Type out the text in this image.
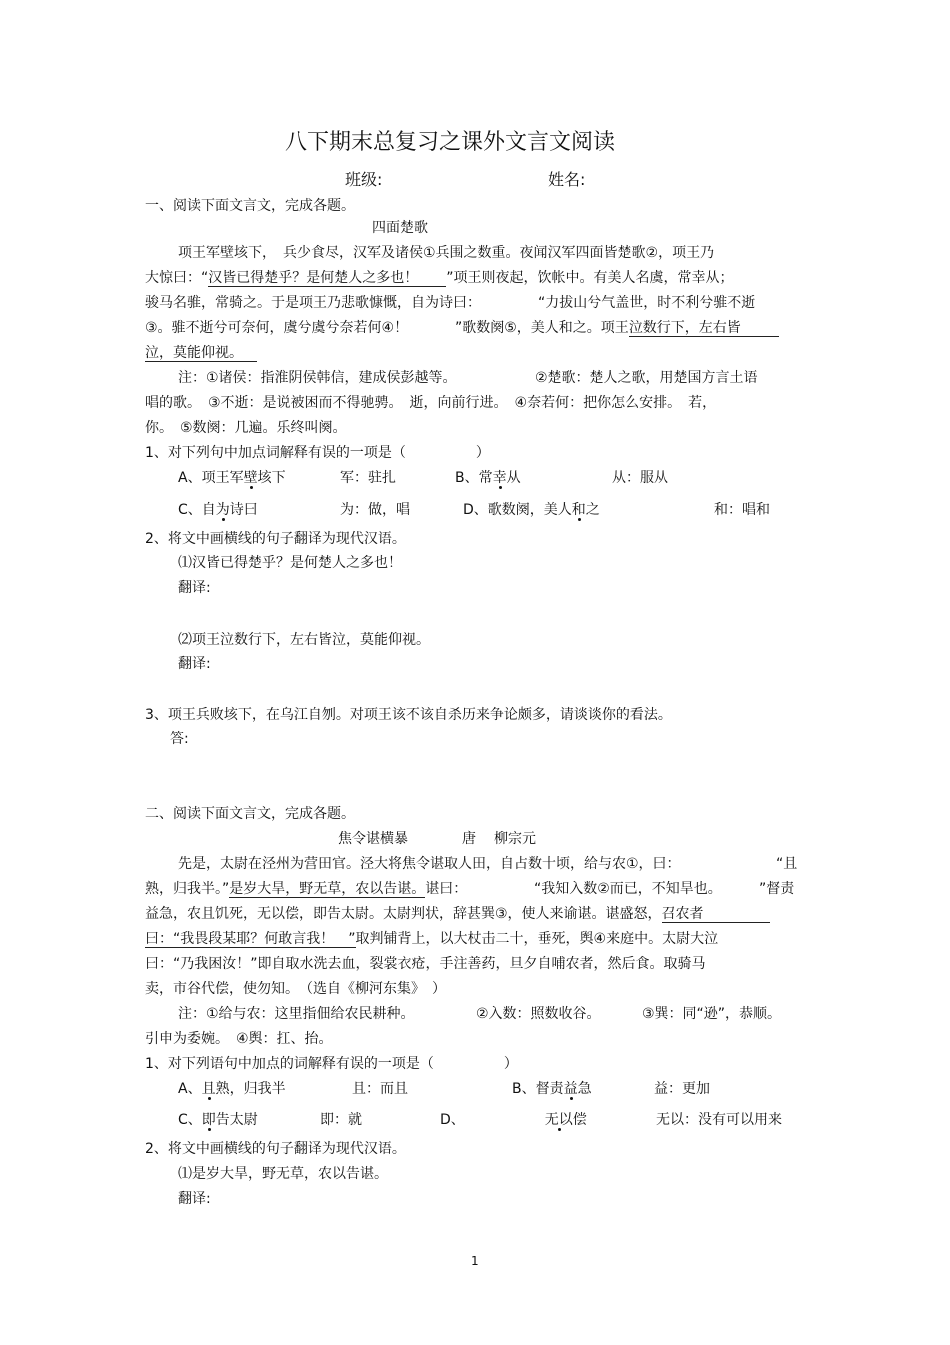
八下期末总复习之课外文言文阅读
班级:	姓名:
一、阅读下面文言文，完成各题。
四面楚歌
项王军壁垓下，　兵少食尽，汉军及诸侯①兵围之数重。夜闻汉军四面皆楚歌②，项王乃
大惊曰：“汉皆已得楚乎？是何楚人之多也！　　”项王则夜起，饮帐中。有美人名虞，常幸从；
骏马名骓，常骑之。于是项王乃悲歌慷慨，自为诗曰：	“力拔山兮气盖世，时不利兮骓不逝
③。骓不逝兮可奈何，虞兮虞兮奈若何④！	”歌数阕⑤，美人和之。项王泣数行下，左右皆
泣，莫能仰视。
注：①诸侯：指淮阴侯韩信，建成侯彭越等。	②楚歌：楚人之歌，用楚国方言土语
唱的歌。　③不逝：是说被困而不得驰骋。　逝，向前行进。　④奈若何：把你怎么安排。　若，
你。　⑤数阕：几遍。乐终叫阕。
1、对下列句中加点词解释有误的一项是（　　　　　）
A、项王军壁垓下	军：驻扎	B、常幸从	从：服从
C、自为诗曰	为：做，唱	D、歌数阕，美人和之	和：唱和
2、将文中画横线的句子翻译为现代汉语。
⑴汉皆已得楚乎？是何楚人之多也！
翻译:
⑵项王泣数行下，左右皆泣，莫能仰视。
翻译:
3、项王兵败垓下，在乌江自刎。对项王该不该自杀历来争论颇多，请谈谈你的看法。
答:
二、阅读下面文言文，完成各题。
焦令谌横暴	唐 柳宗元
先是，太尉在泾州为营田官。泾大将焦令谌取人田，自占数十顷，给与农①，曰：	“且
熟，归我半。”是岁大旱，野无草，农以告谌。谌曰：	“我知入数②而已，不知旱也。	”督责
益急，农且饥死，无以偿，即告太尉。太尉判状，辞甚巽③，使人来谕谌。谌盛怒，召农者
曰：“我畏段某耶？何敢言我！　”取判铺背上，以大杖击二十，垂死，舆④来庭中。太尉大泣
曰：“乃我困汝！”即自取水洗去血，裂裳衣疮，手注善药，旦夕自哺农者，然后食。取骑马
卖，市谷代偿，使勿知。　（选自《柳河东集》　）
注：①给与农：这里指佃给农民耕种。	②入数：照数收谷。	③巽：同“逊”，恭顺。
引申为委婉。　④舆：扛、抬。
1、对下列语句中加点的词解释有误的一项是（　　　　　）
A、且熟，归我半	且：而且	B、督责益急	益：更加
C、即告太尉	即：就	D、	无以偿	无以：没有可以用来
2、将文中画横线的句子翻译为现代汉语。
⑴是岁大旱，野无草，农以告谌。
翻译:
1
